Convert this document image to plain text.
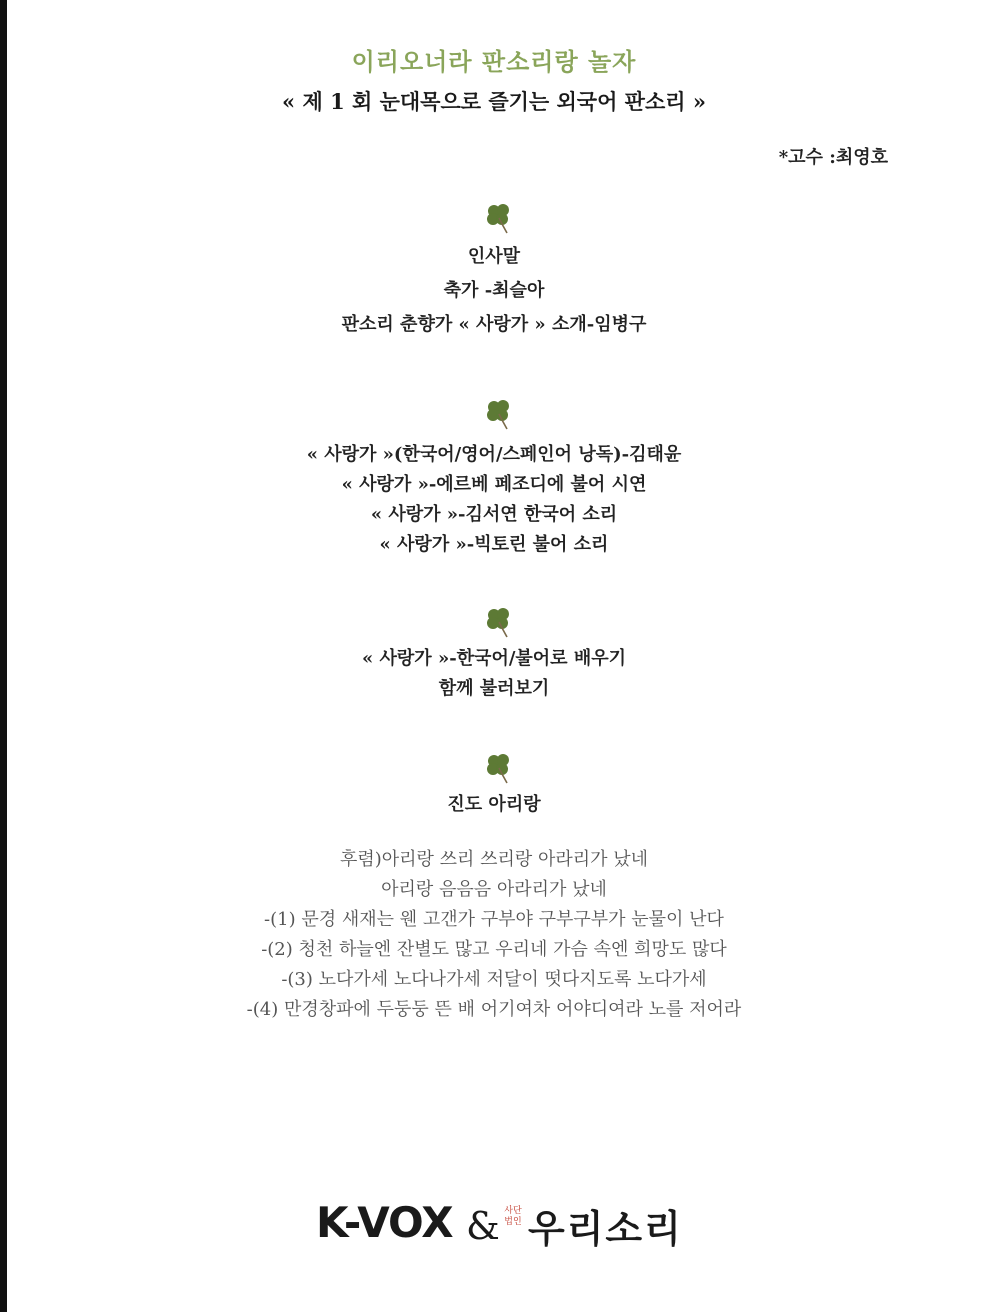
이리오너라 판소리랑 놀자
« 제 1 회 눈대목으로 즐기는 외국어 판소리 »
*고수 :최영호
인사말
축가 -최슬아
판소리 춘향가 « 사랑가 » 소개-임병구
« 사랑가 »(한국어/영어/스페인어 낭독)-김태윤
« 사랑가 »-에르베 페조디에 불어 시연
« 사랑가 »-김서연 한국어 소리
« 사랑가 »-빅토린 불어 소리
« 사랑가 »-한국어/불어로 배우기
함께 불러보기
진도 아리랑
후렴)아리랑 쓰리 쓰리랑 아라리가 났네
아리랑 음음음 아라리가 났네
-(1) 문경 새재는 웬 고갠가 구부야 구부구부가 눈물이 난다
-(2) 청천 하늘엔 잔별도 많고 우리네 가슴 속엔 희망도 많다
-(3) 노다가세 노다나가세 저달이 떳다지도록 노다가세
-(4) 만경창파에 두둥둥 뜬 배 어기여차 어야디여라 노를 저어라
K-VOX & 사단
법인 우리소리
